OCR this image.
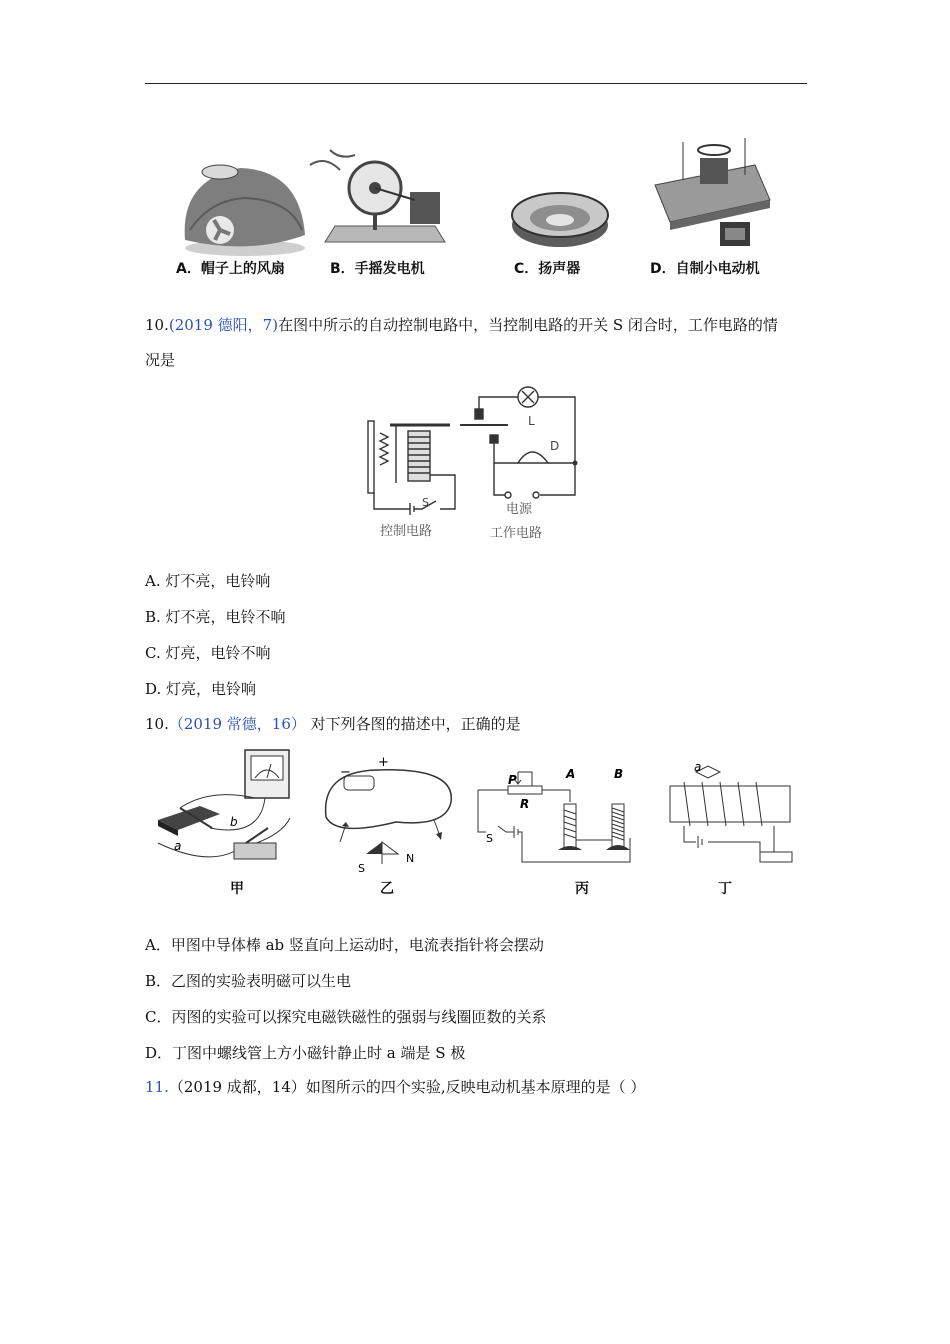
A．帽子上的风扇	B．手摇发电机	C．扬声器	D．自制小电动机
10.(2019 德阳，7)在图中所示的自动控制电路中，当控制电路的开关 S 闭合时，工作电路的情
况是
L
D
S	电源
控制电路	工作电路
A. 灯不亮，电铃响
B. 灯不亮，电铃不响
C. 灯亮，电铃不响
D. 灯亮，电铃响
10.（2019 常德，16） 对下列各图的描述中，正确的是
b
a
甲
−
+
S
N
乙
P
R
A	B
S
丙
a
丁
A．甲图中导体棒 ab 竖直向上运动时，电流表指针将会摆动
B．乙图的实验表明磁可以生电
C．丙图的实验可以探究电磁铁磁性的强弱与线圈匝数的关系
D．丁图中螺线管上方小磁针静止时 a 端是 S 极
11.（2019 成都，14）如图所示的四个实验,反映电动机基本原理的是（ ）
